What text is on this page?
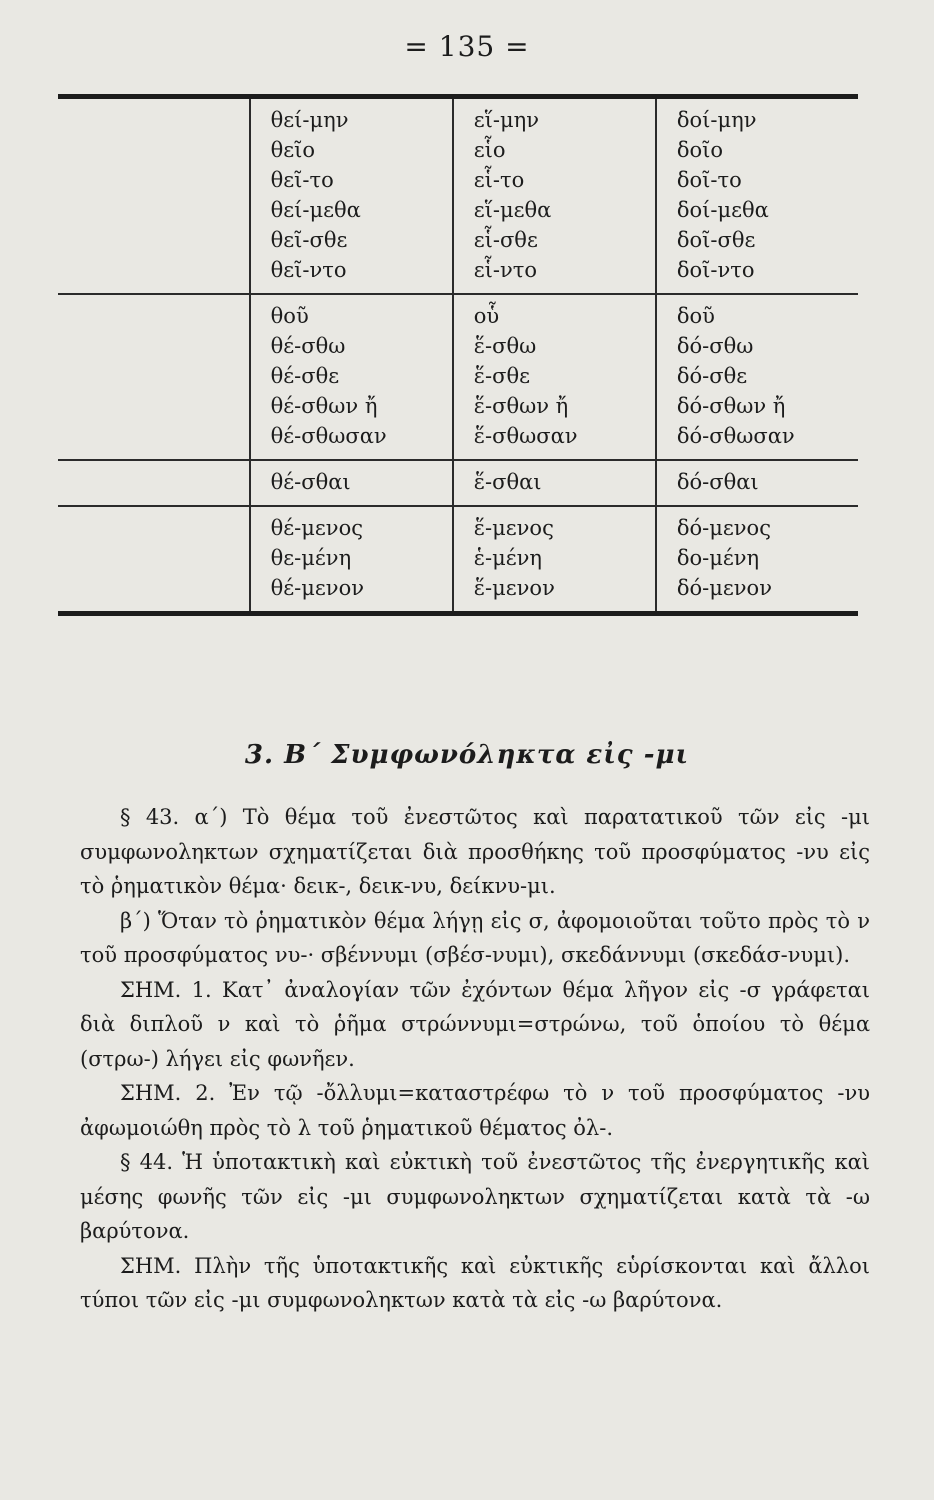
= 135 =
θεί-μην
θεῖο
θεῖ-το
θεί-μεθα
θεῖ-σθε
θεῖ-ντο
εἵ-μην
εἷο
εἷ-το
εἵ-μεθα
εἷ-σθε
εἷ-ντο
δοί-μην
δοῖο
δοῖ-το
δοί-μεθα
δοῖ-σθε
δοῖ-ντο
θοῦ
θέ-σθω
θέ-σθε
θέ-σθων ἤ
θέ-σθωσαν
οὗ
ἕ-σθω
ἕ-σθε
ἕ-σθων ἤ
ἕ-σθωσαν
δοῦ
δό-σθω
δό-σθε
δό-σθων ἤ
δό-σθωσαν
θέ-σθαι	ἕ-σθαι	δό-σθαι
θέ-μενος
θε-μένη
θέ-μενον
ἕ-μενος
ἑ-μένη
ἕ-μενον
δό-μενος
δο-μένη
δό-μενον
3. Β΄ Συμφωνόληκτα εἰς -μι

§ 43. α΄) Τὸ θέμα τοῦ ἐνεστῶτος καὶ παρατατικοῦ τῶν εἰς -μι συμφωνοληκτων σχηματίζεται διὰ προσθήκης τοῦ προσφύματος -νυ εἰς τὸ ῥηματικὸν θέμα· δεικ-, δεικ-νυ, δείκνυ-μι.

β΄) Ὅταν τὸ ῥηματικὸν θέμα λήγῃ εἰς σ, ἀφομοιοῦται τοῦτο πρὸς τὸ ν τοῦ προσφύματος νυ-· σβέννυμι (σβέσ-νυμι), σκεδάννυμι (σκεδάσ-νυμι).

ΣΗΜ. 1. Κατ᾿ ἀναλογίαν τῶν ἐχόντων θέμα λῆγον εἰς -σ γράφεται διὰ διπλοῦ ν καὶ τὸ ῥῆμα στρώννυμι=στρώνω, τοῦ ὁποίου τὸ θέμα (στρω-) λήγει εἰς φωνῆεν.

ΣΗΜ. 2. Ἐν τῷ -ὄλλυμι=καταστρέφω τὸ ν τοῦ προσφύματος -νυ ἀφωμοιώθη πρὸς τὸ λ τοῦ ῥηματικοῦ θέματος ὀλ-.

§ 44. Ἡ ὑποτακτικὴ καὶ εὐκτικὴ τοῦ ἐνεστῶτος τῆς ἐνεργητικῆς καὶ μέσης φωνῆς τῶν εἰς -μι συμφωνοληκτων σχηματίζεται κατὰ τὰ -ω βαρύτονα.

ΣΗΜ. Πλὴν τῆς ὑποτακτικῆς καὶ εὐκτικῆς εὑρίσκονται καὶ ἄλλοι τύποι τῶν εἰς -μι συμφωνοληκτων κατὰ τὰ εἰς -ω βαρύτονα.
